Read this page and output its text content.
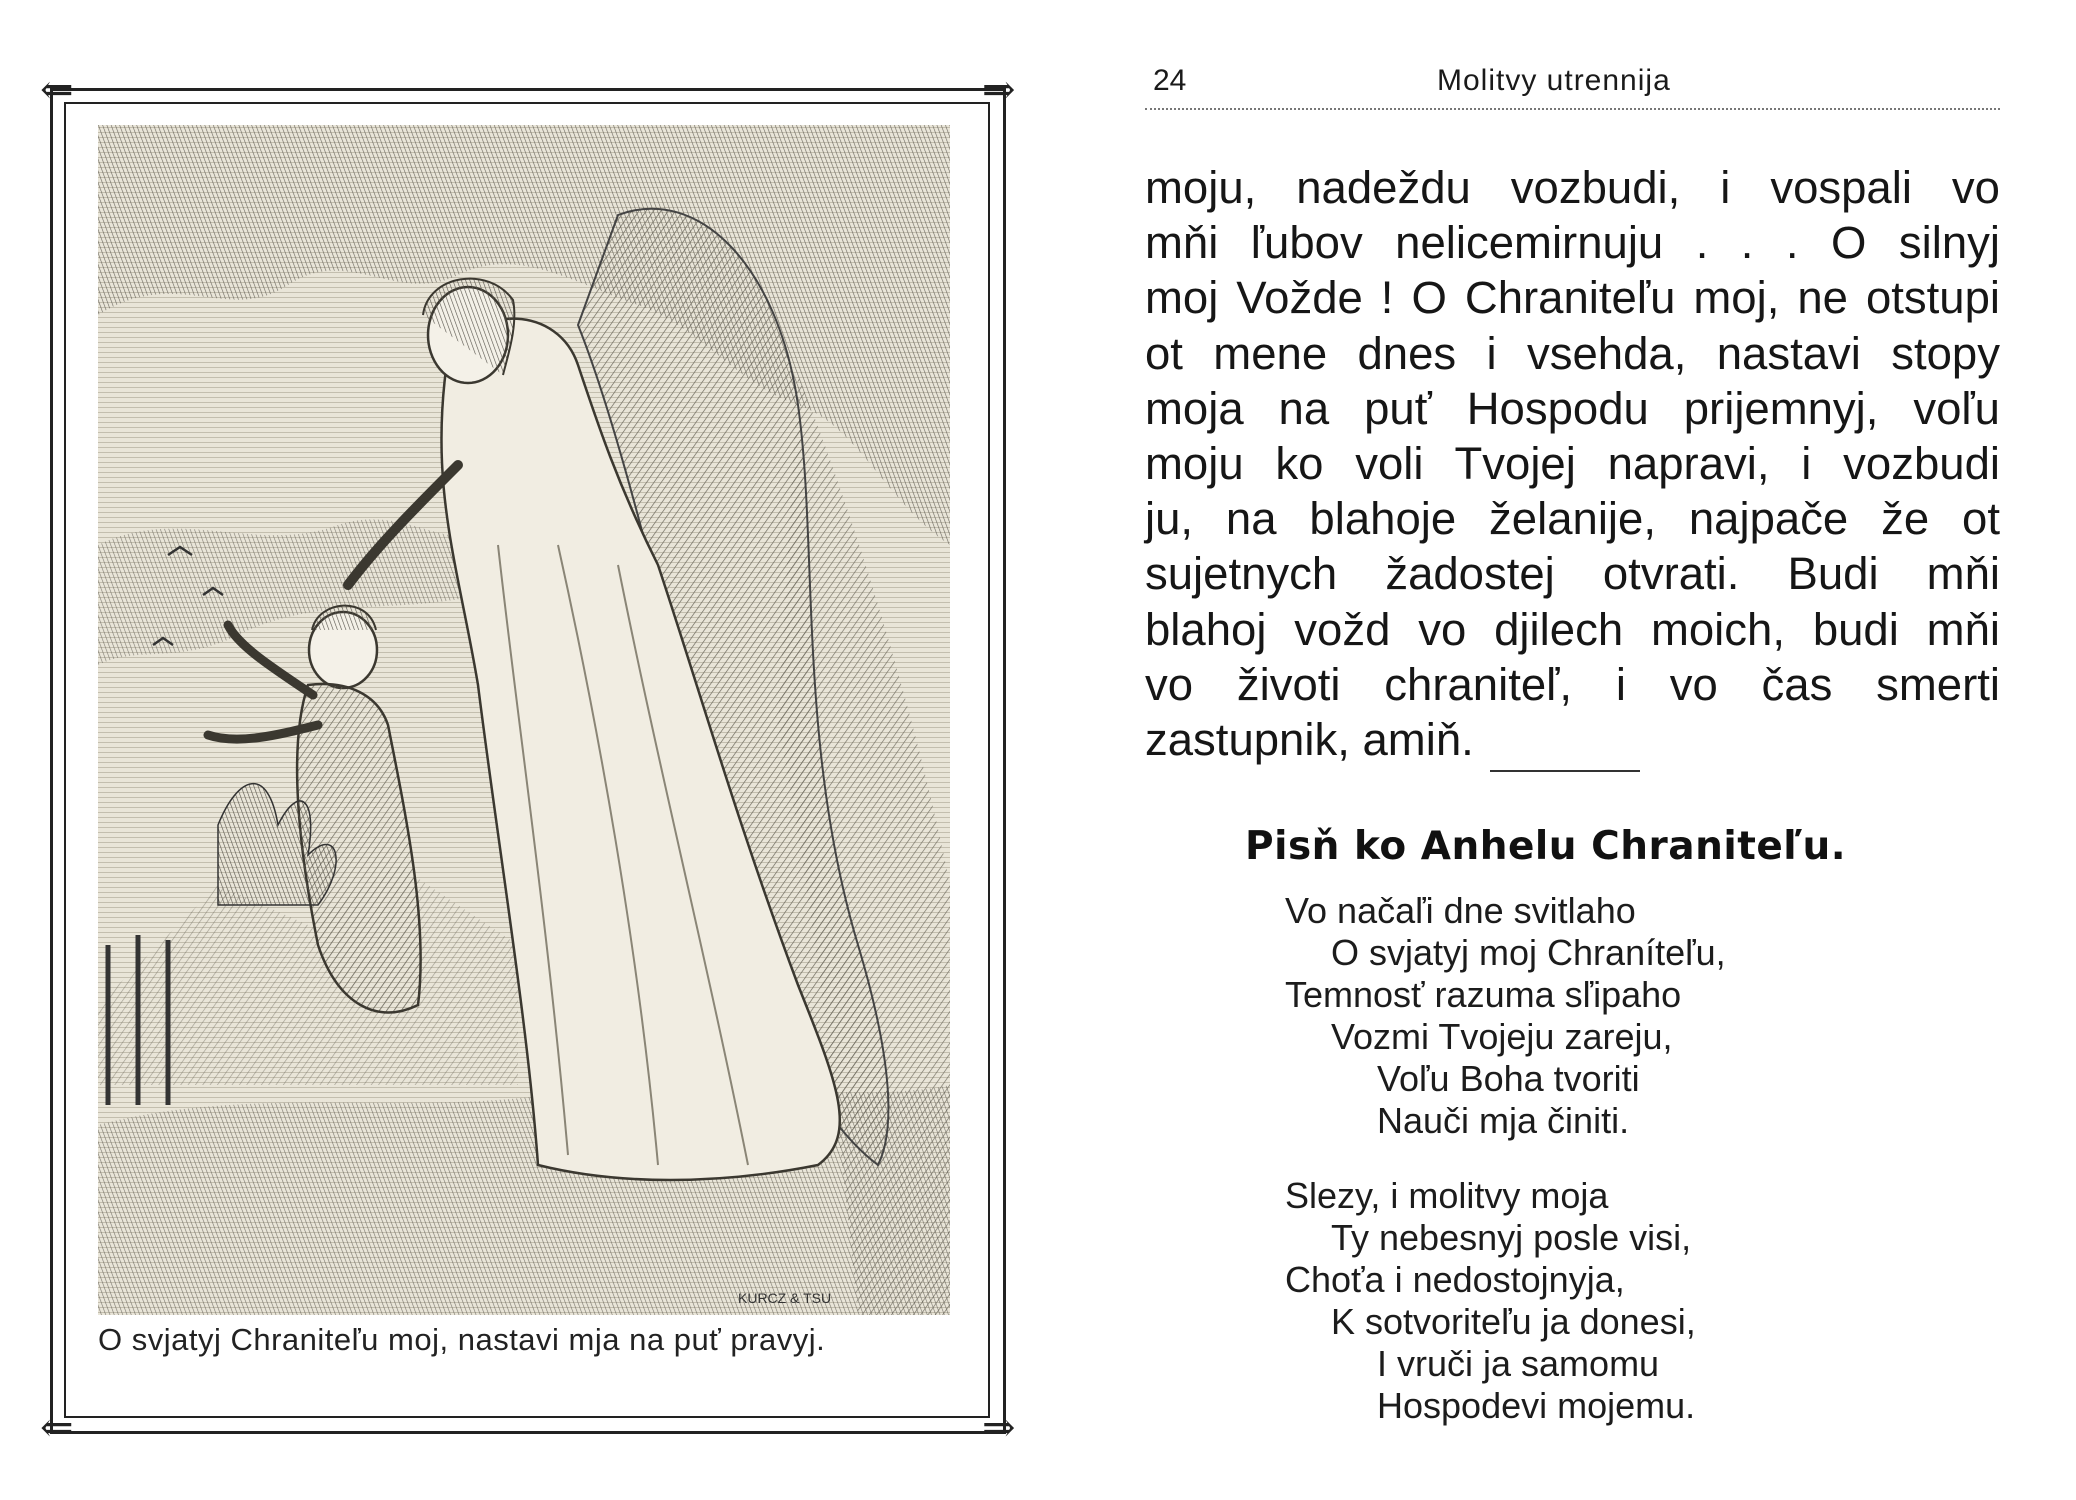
⇐	⇒
⇐	⇒
KURCZ & TSU
O svjatyj Chraniteľu moj, nastavi mja na puť pravyj.
24	Molitvy utrennija
moju, nadeždu vozbudi, i vospali vo
mňi ľubov nelicemirnuju . . . O silnyj
moj Vožde ! O Chraniteľu moj, ne otstupi
ot mene dnes i vsehda, nastavi stopy
moja na puť Hospodu prijemnyj, voľu
moju ko voli Tvojej napravi, i vozbudi
ju, na blahoje želanije, najpače že ot
sujetnych žadostej otvrati. Budi mňi
blahoj vožd vo djilech moich, budi mňi
vo životi chraniteľ, i vo čas smerti
zastupnik, amiň.
Pisň ko Anhelu Chraniteľu.
Vo načaľi dne svitlaho
O svjatyj moj Chraníteľu,
Temnosť razuma sľipaho
Vozmi Tvojeju zareju,
Voľu Boha tvoriti
Nauči mja činiti.
Slezy, i molitvy moja
Ty nebesnyj posle visi,
Choťa i nedostojnyja,
K sotvoriteľu ja donesi,
I vruči ja samomu
Hospodevi mojemu.
